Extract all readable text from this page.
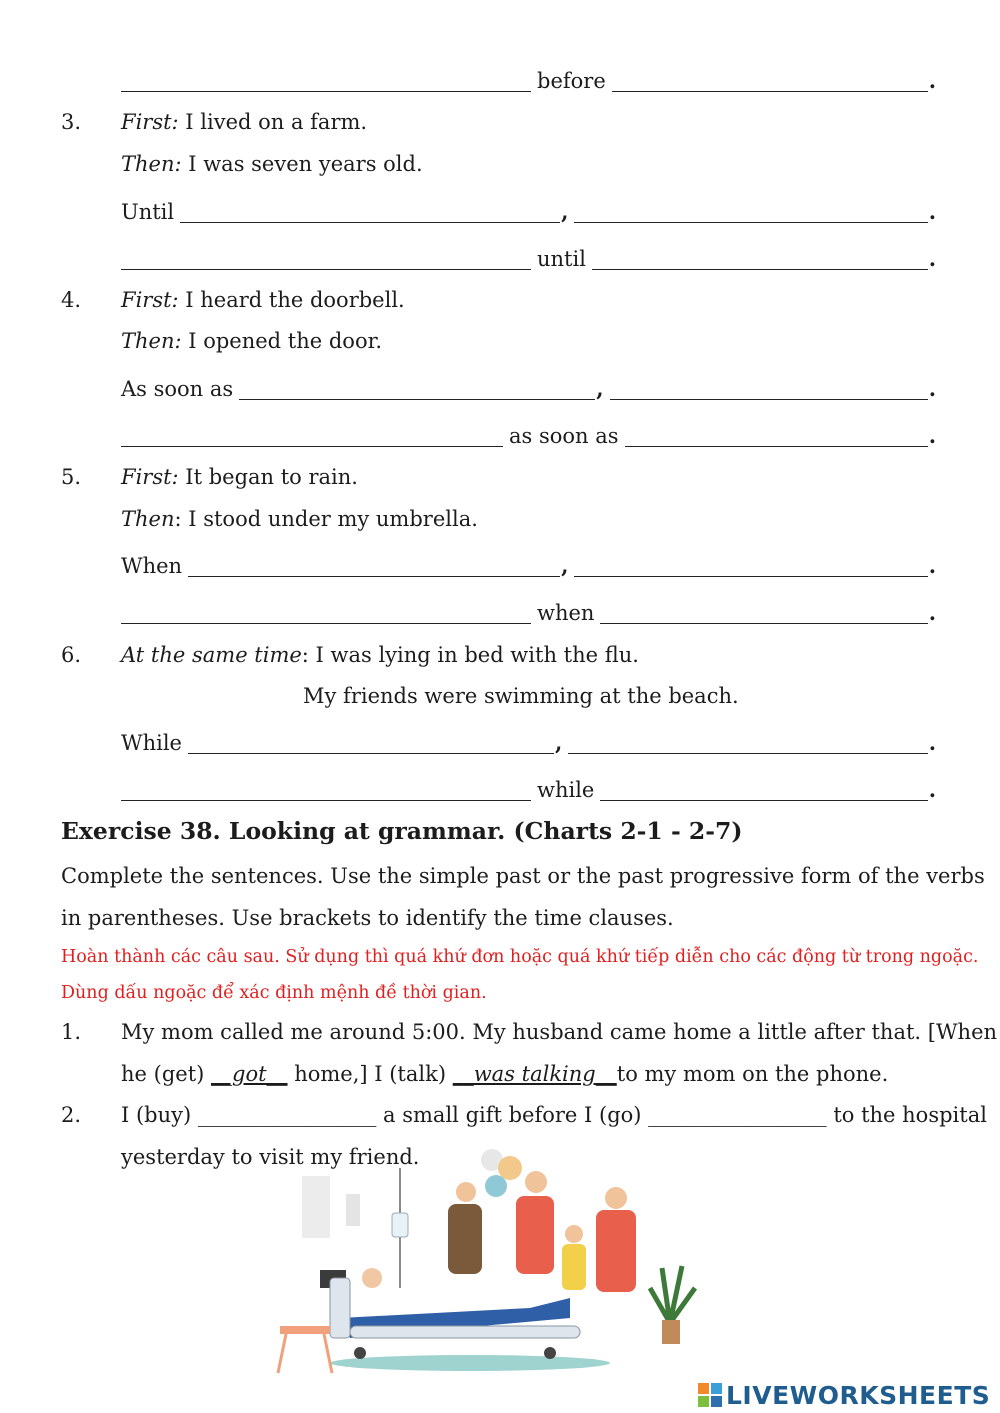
before	.
3. First: I lived on a farm.
Then: I was seven years old.
Until	,	.
until	.
4. First: I heard the doorbell.
Then: I opened the door.
As soon as	,	.
as soon as	.
5. First: It began to rain.
Then: I stood under my umbrella.
When	,	.
when	.
6. At the same time: I was lying in bed with the flu.
My friends were swimming at the beach.
While	,	.
while	.
Exercise 38. Looking at grammar. (Charts 2-1 - 2-7)
Complete the sentences. Use the simple past or the past progressive form of the verbs
in parentheses. Use brackets to identify the time clauses.
Hoàn thành các câu sau. Sử dụng thì quá khứ đơn hoặc quá khứ tiếp diễn cho các động từ trong ngoặc.
Dùng dấu ngoặc để xác định mệnh đề thời gian.
1. My mom called me around 5:00. My husband came home a little after that. [When
he (get) __got__ home,] I (talk) __was talking__to my mom on the phone.
2. I (buy) _________________ a small gift before I (go) _________________ to the hospital
yesterday to visit my friend.
LIVEWORKSHEETS
